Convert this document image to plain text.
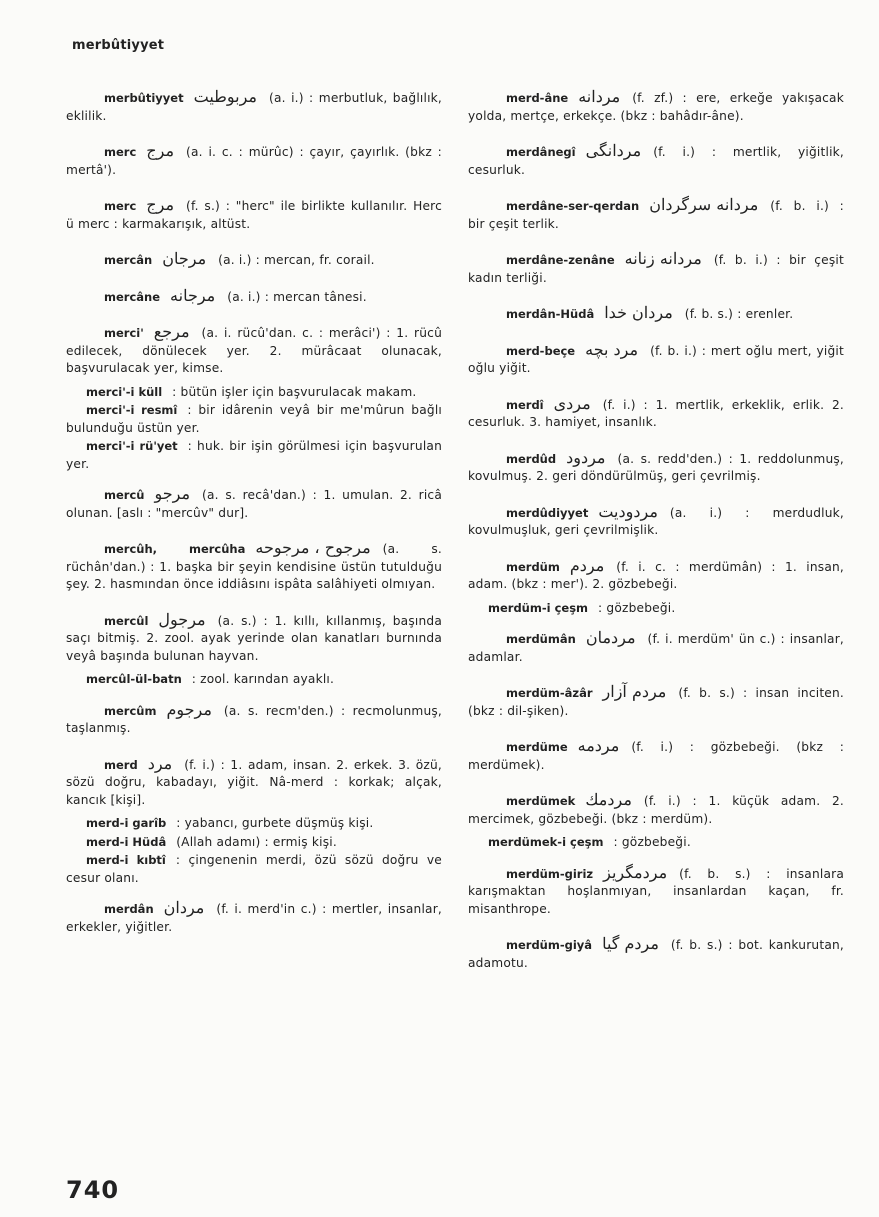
merbûtiyyet
merbûtiyyet مربوطيت (a. i.) : merbutluk, bağlılık, eklilik.
merc مرج (a. i. c. : mürûc) : çayır, çayırlık. (bkz : mertâ').
merc مرج (f. s.) : "herc" ile birlikte kullanılır. Herc ü merc : karmakarışık, altüst.
mercân مرجان (a. i.) : mercan, fr. corail.
mercâne مرجانه (a. i.) : mercan tânesi.
merci' مرجع (a. i. rücû'dan. c. : merâci') : 1. rücû edilecek, dönülecek yer. 2. mürâcaat olunacak, başvurulacak yer, kimse.
merci'-i küll : bütün işler için başvurulacak makam.
merci'-i resmî : bir idârenin veyâ bir me'mûrun bağlı bulunduğu üstün yer.
merci'-i rü'yet : huk. bir işin görülmesi için başvurulan yer.
mercû مرجو (a. s. recâ'dan.) : 1. umulan. 2. ricâ olunan. [aslı : "mercûv" dur].
mercûh, mercûha مرجوح ، مرجوحه (a. s. rüchân'dan.) : 1. başka bir şeyin kendisine üstün tutulduğu şey. 2. hasmından önce iddiâsını ispâta salâhiyeti olmıyan.
mercûl مرجول (a. s.) : 1. kıllı, kıllanmış, başında saçı bitmiş. 2. zool. ayak yerinde olan kanatları burnında veyâ başında bulunan hayvan.
mercûl-ül-batn : zool. karından ayaklı.
mercûm مرجوم (a. s. recm'den.) : recmolunmuş, taşlanmış.
merd مرد (f. i.) : 1. adam, insan. 2. erkek. 3. özü, sözü doğru, kabadayı, yiğit. Nâ-merd : korkak; alçak, kancık [kişi].
merd-i garîb : yabancı, gurbete düşmüş kişi.
merd-i Hüdâ (Allah adamı) : ermiş kişi.
merd-i kıbtî : çingenenin merdi, özü sözü doğru ve cesur olanı.
merdân مردان (f. i. merd'in c.) : mertler, insanlar, erkekler, yiğitler.
merd-âne مردانه (f. zf.) : ere, erkeğe yakışacak yolda, mertçe, erkekçe. (bkz : bahâdır-âne).
merdânegî مردانگی (f. i.) : mertlik, yiğitlik, cesurluk.
merdâne-ser-qerdan مردانه سرگردان (f. b. i.) : bir çeşit terlik.
merdâne-zenâne مردانه زنانه (f. b. i.) : bir çeşit kadın terliği.
merdân-Hüdâ مردان خدا (f. b. s.) : erenler.
merd-beçe مرد بچه (f. b. i.) : mert oğlu mert, yiğit oğlu yiğit.
merdî مردی (f. i.) : 1. mertlik, erkeklik, erlik. 2. cesurluk. 3. hamiyet, insanlık.
merdûd مردود (a. s. redd'den.) : 1. reddolunmuş, kovulmuş. 2. geri döndürülmüş, geri çevrilmiş.
merdûdiyyet مردودیت (a. i.) : merdudluk, kovulmuşluk, geri çevrilmişlik.
merdüm مردم (f. i. c. : merdümân) : 1. insan, adam. (bkz : mer'). 2. gözbebeği.
merdüm-i çeşm : gözbebeği.
merdümân مردمان (f. i. merdüm' ün c.) : insanlar, adamlar.
merdüm-âzâr مردم آزار (f. b. s.) : insan inciten. (bkz : dil-şiken).
merdüme مردمه (f. i.) : gözbebeği. (bkz : merdümek).
merdümek مردمك (f. i.) : 1. küçük adam. 2. mercimek, gözbebeği. (bkz : merdüm).
merdümek-i çeşm : gözbebeği.
merdüm-giriz مردمگریز (f. b. s.) : insanlara karışmaktan hoşlanmıyan, insanlardan kaçan, fr. misanthrope.
merdüm-giyâ مردم گیا (f. b. s.) : bot. kankurutan, adamotu.
740
